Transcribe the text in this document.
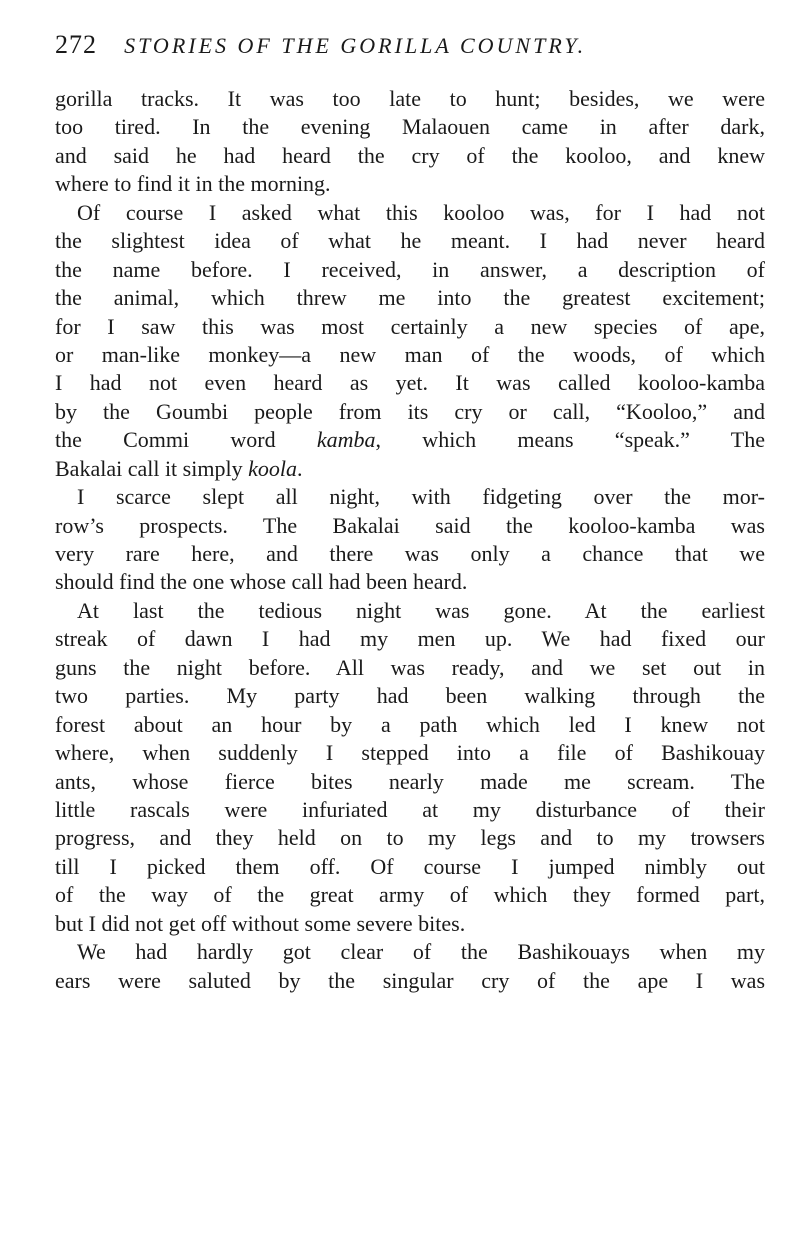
272 STORIES OF THE GORILLA COUNTRY.
gorilla tracks. It was too late to hunt; besides, we were
too tired. In the evening Malaouen came in after dark,
and said he had heard the cry of the kooloo, and knew
where to find it in the morning.
Of course I asked what this kooloo was, for I had not
the slightest idea of what he meant. I had never heard
the name before. I received, in answer, a description of
the animal, which threw me into the greatest excitement;
for I saw this was most certainly a new species of ape,
or man-like monkey—a new man of the woods, of which
I had not even heard as yet. It was called kooloo-kamba
by the Goumbi people from its cry or call, “Kooloo,” and
the Commi word kamba, which means “speak.” The
Bakalai call it simply koola.
I scarce slept all night, with fidgeting over the mor-
row’s prospects. The Bakalai said the kooloo-kamba was
very rare here, and there was only a chance that we
should find the one whose call had been heard.
At last the tedious night was gone. At the earliest
streak of dawn I had my men up. We had fixed our
guns the night before. All was ready, and we set out in
two parties. My party had been walking through the
forest about an hour by a path which led I knew not
where, when suddenly I stepped into a file of Bashikouay
ants, whose fierce bites nearly made me scream. The
little rascals were infuriated at my disturbance of their
progress, and they held on to my legs and to my trowsers
till I picked them off. Of course I jumped nimbly out
of the way of the great army of which they formed part,
but I did not get off without some severe bites.
We had hardly got clear of the Bashikouays when my
ears were saluted by the singular cry of the ape I was
